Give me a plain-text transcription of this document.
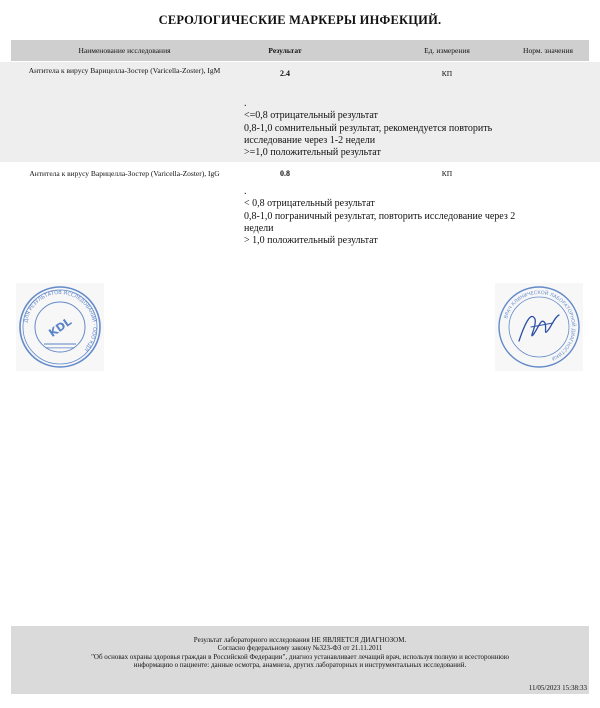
СЕРОЛОГИЧЕСКИЕ МАРКЕРЫ ИНФЕКЦИЙ.
Наименование исследования	Результат	Ед. измерения	Норм. значения
Антитела к вирусу Варицелла-Зостер (Varicella-Zoster), IgM	2.4	КП
.
<=0,8 отрицательный результат
0,8-1,0 сомнительный результат, рекомендуется повторить
исследование через 1-2 недели
>=1,0 положительный результат
Антитела к вирусу Варицелла-Зостер (Varicella-Zoster), IgG	0.8	КП
.
< 0,8 отрицательный результат
0,8-1,0 пограничный результат, повторить исследование через 2
недели
> 1,0 положительный результат
ДЛЯ РЕЗУЛЬТАТОВ ИССЛЕДОВАНИЙ · ООО КДЛ
KDL	ВРАЧ КЛИНИЧЕСКОЙ ЛАБОРАТОРНОЙ ДИАГНОСТИКИ
Результат лабораторного исследования НЕ ЯВЛЯЕТСЯ ДИАГНОЗОМ.
Согласно федеральному закону №323-ФЗ от 21.11.2011
"Об основах охраны здоровья граждан в Российской Федерации", диагноз устанавливает лечащий врач, используя полную и всестороннюю
информацию о пациенте: данные осмотра, анамнеза, других лабораторных и инструментальных исследований.
11/05/2023 15:38:33
